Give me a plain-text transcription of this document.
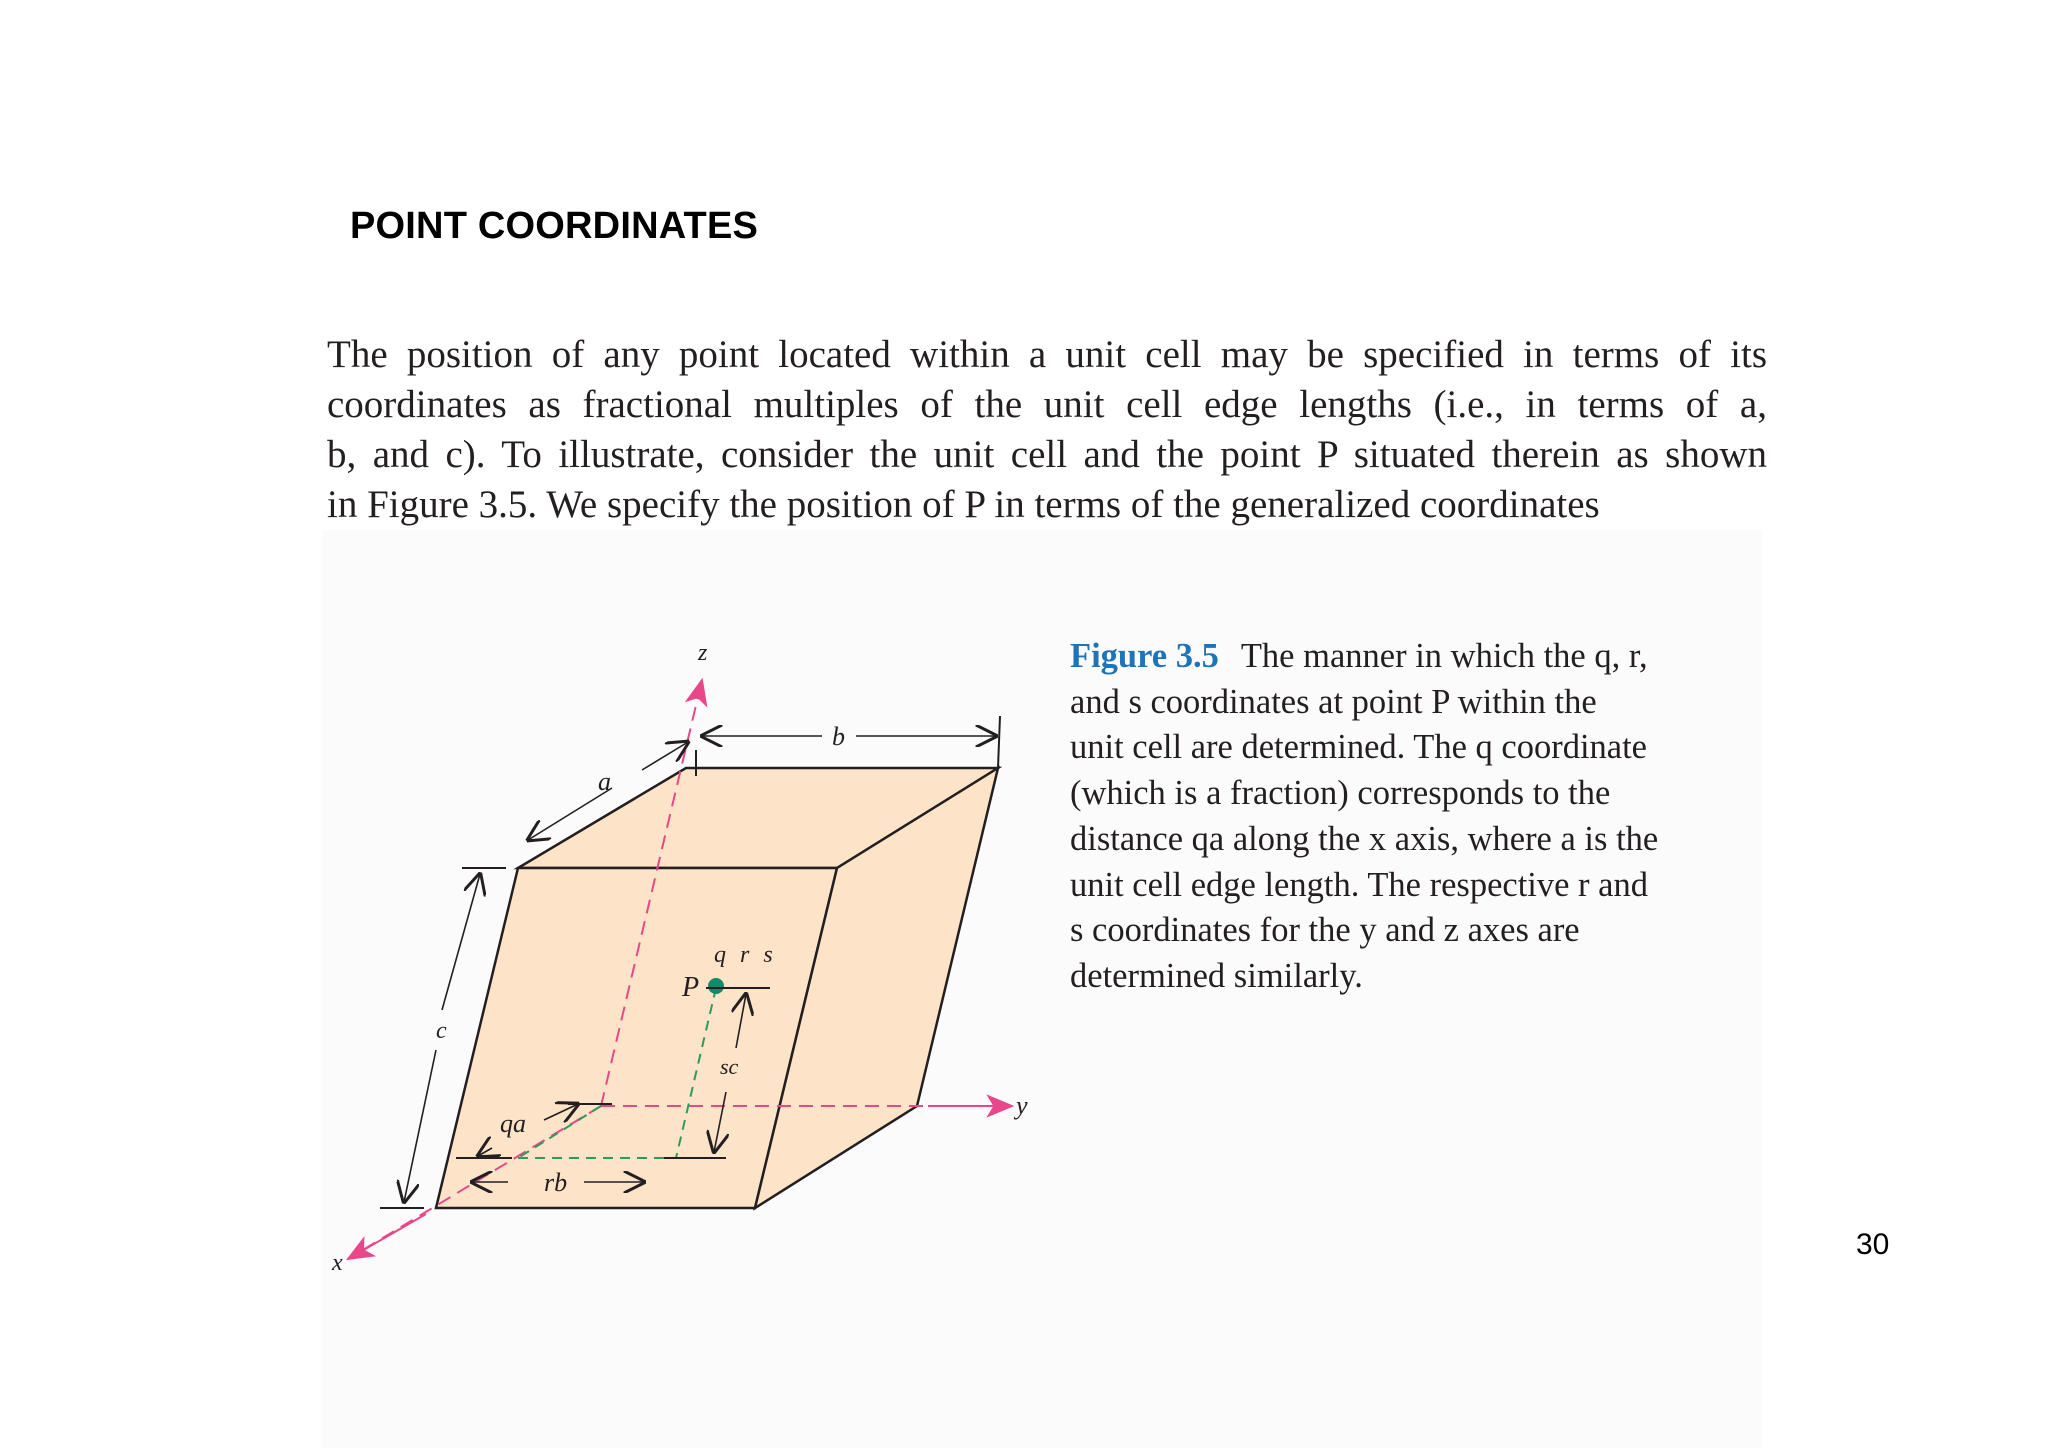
POINT COORDINATES
The position of any point located within a unit cell may be specified in terms of its
coordinates as fractional multiples of the unit cell edge lengths (i.e., in terms of a,
b, and c). To illustrate, consider the unit cell and the point P situated therein as shown
in Figure 3.5. We specify the position of P in terms of the generalized coordinates
b
a
c
sc
qa
rb
q r s
P
z
y
x
Figure 3.5 The manner in which the q, r,
and s coordinates at point P within the
unit cell are determined. The q coordinate
(which is a fraction) corresponds to the
distance qa along the x axis, where a is the
unit cell edge length. The respective r and
s coordinates for the y and z axes are
determined similarly.
30
